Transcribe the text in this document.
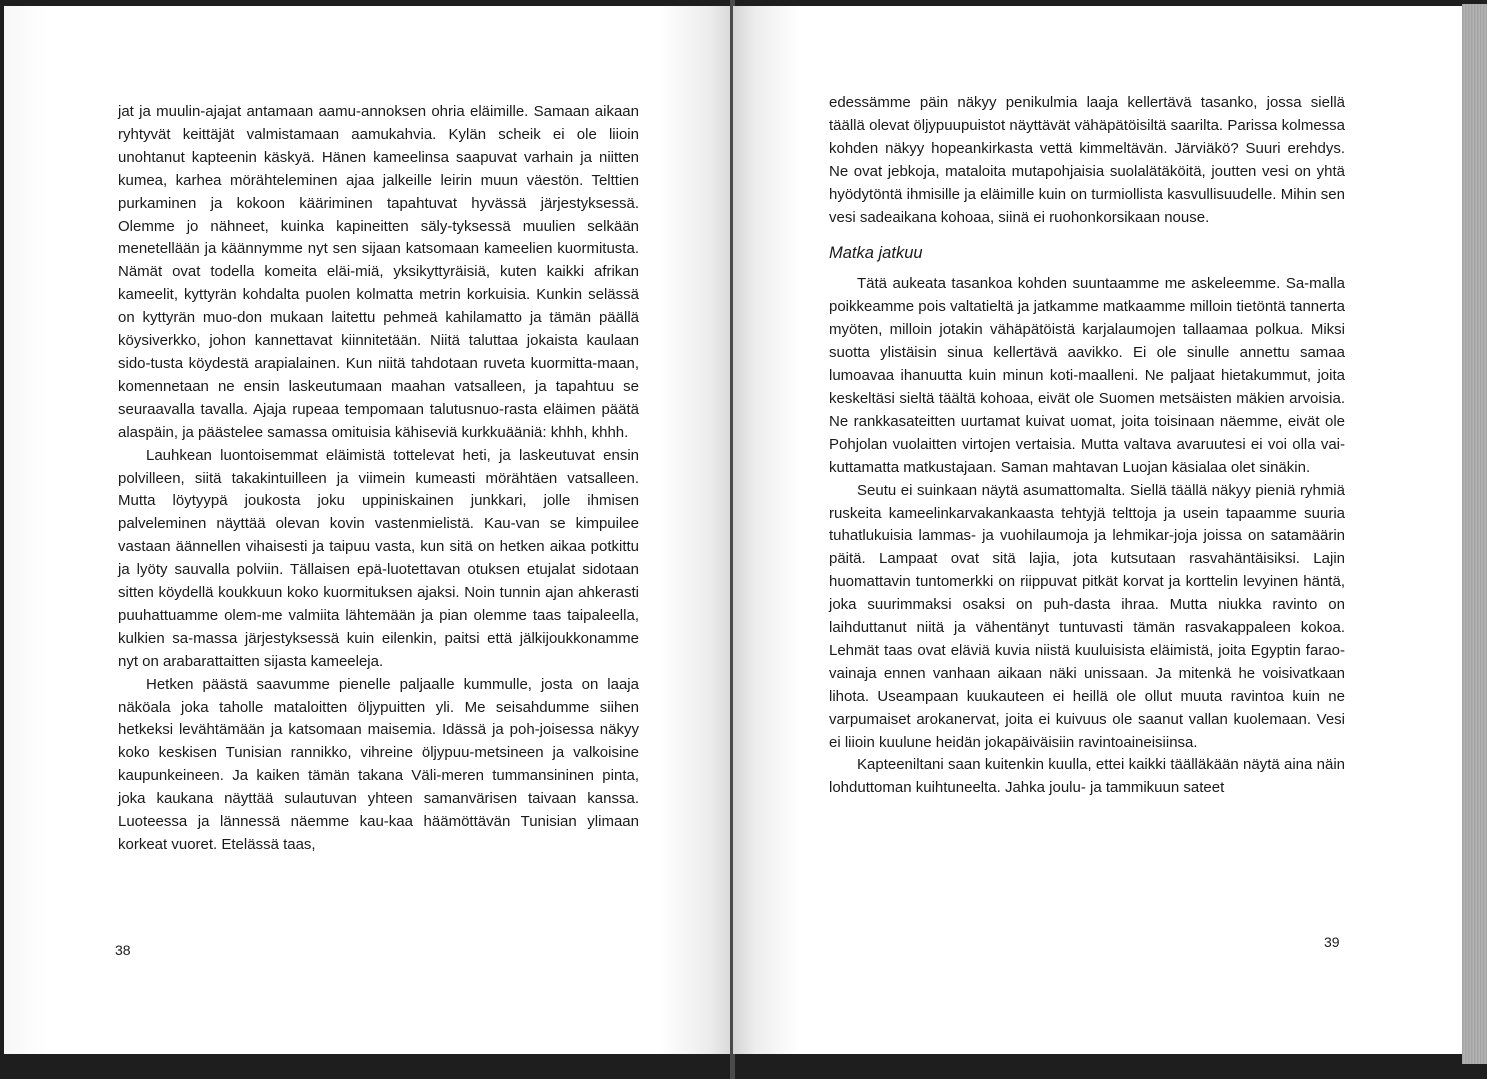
jat ja muulin-ajajat antamaan aamu-annoksen ohria eläimille. Samaan aikaan ryhtyvät keittäjät valmistamaan aamukahvia. Kylän scheik ei ole liioin unohtanut kapteenin käskyä. Hänen kameelinsa saapuvat varhain ja niitten kumea, karhea mörähteleminen ajaa jalkeille leirin muun väestön. Telttien purkaminen ja kokoon kääriminen tapahtuvat hyvässä järjestyksessä. Olemme jo nähneet, kuinka kapineitten säly-tyksessä muulien selkään menetellään ja käännymme nyt sen sijaan katsomaan kameelien kuormitusta. Nämät ovat todella komeita eläi-miä, yksikyttyräisiä, kuten kaikki afrikan kameelit, kyttyrän kohdalta puolen kolmatta metrin korkuisia. Kunkin selässä on kyttyrän muo-don mukaan laitettu pehmeä kahilamatto ja tämän päällä köysiverkko, johon kannettavat kiinnitetään. Niitä taluttaa jokaista kaulaan sido-tusta köydestä arapialainen. Kun niitä tahdotaan ruveta kuormitta-maan, komennetaan ne ensin laskeutumaan maahan vatsalleen, ja tapahtuu se seuraavalla tavalla. Ajaja rupeaa tempomaan talutusnuo-rasta eläimen päätä alaspäin, ja päästelee samassa omituisia kähiseviä kurkkuääniä: khhh, khhh.

Lauhkean luontoisemmat eläimistä tottelevat heti, ja laskeutuvat ensin polvilleen, siitä takakintuilleen ja viimein kumeasti mörähtäen vatsalleen. Mutta löytyypä joukosta joku uppiniskainen junkkari, jolle ihmisen palveleminen näyttää olevan kovin vastenmielistä. Kau-van se kimpuilee vastaan äännellen vihaisesti ja taipuu vasta, kun sitä on hetken aikaa potkittu ja lyöty sauvalla polviin. Tällaisen epä-luotettavan otuksen etujalat sidotaan sitten köydellä koukkuun koko kuormituksen ajaksi. Noin tunnin ajan ahkerasti puuhattuamme olem-me valmiita lähtemään ja pian olemme taas taipaleella, kulkien sa-massa järjestyksessä kuin eilenkin, paitsi että jälkijoukkonamme nyt on arabarattaitten sijasta kameeleja.

Hetken päästä saavumme pienelle paljaalle kummulle, josta on laaja näköala joka taholle mataloitten öljypuitten yli. Me seisahdumme siihen hetkeksi levähtämään ja katsomaan maisemia. Idässä ja poh-joisessa näkyy koko keskisen Tunisian rannikko, vihreine öljypuu-metsineen ja valkoisine kaupunkeineen. Ja kaiken tämän takana Väli-meren tummansininen pinta, joka kaukana näyttää sulautuvan yhteen samanvärisen taivaan kanssa. Luoteessa ja lännessä näemme kau-kaa häämöttävän Tunisian ylimaan korkeat vuoret. Etelässä taas,

38

edessämme päin näkyy penikulmia laaja kellertävä tasanko, jossa siellä täällä olevat öljypuupuistot näyttävät vähäpätöisiltä saarilta. Parissa kolmessa kohden näkyy hopeankirkasta vettä kimmeltävän. Järviäkö? Suuri erehdys. Ne ovat jebkoja, mataloita mutapohjaisia suolalätäköitä, joutten vesi on yhtä hyödytöntä ihmisille ja eläimille kuin on turmiollista kasvullisuudelle. Mihin sen vesi sadeaikana kohoaa, siinä ei ruohonkorsikaan nouse.

Matka jatkuu

Tätä aukeata tasankoa kohden suuntaamme me askeleemme. Sa-malla poikkeamme pois valtatieltä ja jatkamme matkaamme milloin tietöntä tannerta myöten, milloin jotakin vähäpätöistä karjalaumojen tallaamaa polkua. Miksi suotta ylistäisin sinua kellertävä aavikko. Ei ole sinulle annettu samaa lumoavaa ihanuutta kuin minun koti-maalleni. Ne paljaat hietakummut, joita keskeltäsi sieltä täältä kohoaa, eivät ole Suomen metsäisten mäkien arvoisia. Ne rankkasateitten uurtamat kuivat uomat, joita toisinaan näemme, eivät ole Pohjolan vuolaitten virtojen vertaisia. Mutta valtava avaruutesi ei voi olla vai-kuttamatta matkustajaan. Saman mahtavan Luojan käsialaa olet sinäkin.

Seutu ei suinkaan näytä asumattomalta. Siellä täällä näkyy pieniä ryhmiä ruskeita kameelinkarvakankaasta tehtyjä telttoja ja usein tapaamme suuria tuhatlukuisia lammas- ja vuohilaumoja ja lehmikar-joja joissa on satamäärin päitä. Lampaat ovat sitä lajia, jota kutsutaan rasvahäntäisiksi. Lajin huomattavin tuntomerkki on riippuvat pitkät korvat ja korttelin levyinen häntä, joka suurimmaksi osaksi on puh-dasta ihraa. Mutta niukka ravinto on laihduttanut niitä ja vähentänyt tuntuvasti tämän rasvakappaleen kokoa. Lehmät taas ovat eläviä kuvia niistä kuuluisista eläimistä, joita Egyptin farao-vainaja ennen vanhaan aikaan näki unissaan. Ja mitenkä he voisivatkaan lihota. Useampaan kuukauteen ei heillä ole ollut muuta ravintoa kuin ne varpumaiset arokanervat, joita ei kuivuus ole saanut vallan kuolemaan. Vesi ei liioin kuulune heidän jokapäiväisiin ravintoaineisiinsa.

Kapteeniltani saan kuitenkin kuulla, ettei kaikki täälläkään näytä aina näin lohduttoman kuihtuneelta. Jahka joulu- ja tammikuun sateet

39
